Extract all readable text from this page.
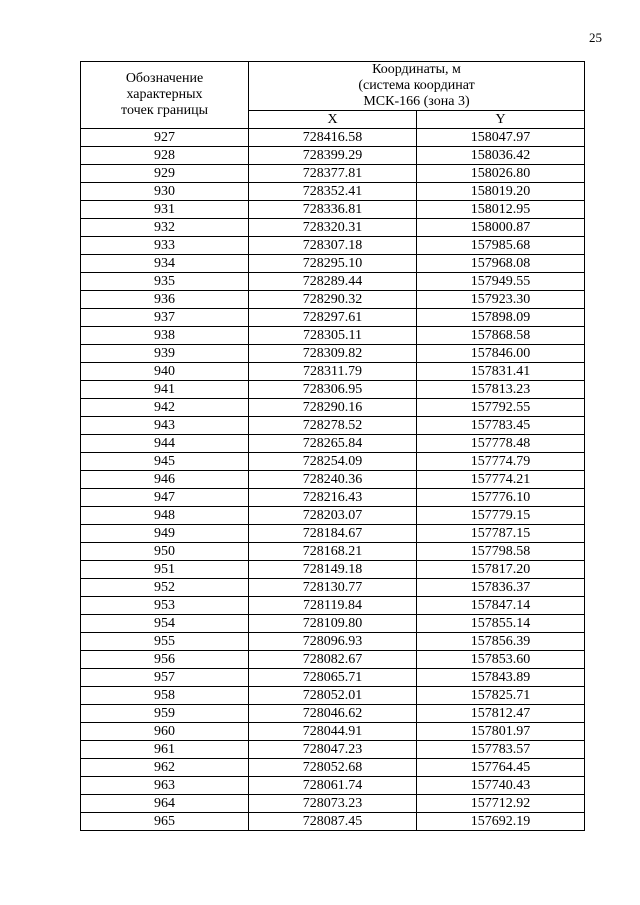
25
Обозначение
характерных
точек границы	Координаты, м
(система координат
МСК-166 (зона 3)	

	X	Y
927	728416.58	158047.97
928	728399.29	158036.42
929	728377.81	158026.80
930	728352.41	158019.20
931	728336.81	158012.95
932	728320.31	158000.87
933	728307.18	157985.68
934	728295.10	157968.08
935	728289.44	157949.55
936	728290.32	157923.30
937	728297.61	157898.09
938	728305.11	157868.58
939	728309.82	157846.00
940	728311.79	157831.41
941	728306.95	157813.23
942	728290.16	157792.55
943	728278.52	157783.45
944	728265.84	157778.48
945	728254.09	157774.79
946	728240.36	157774.21
947	728216.43	157776.10
948	728203.07	157779.15
949	728184.67	157787.15
950	728168.21	157798.58
951	728149.18	157817.20
952	728130.77	157836.37
953	728119.84	157847.14
954	728109.80	157855.14
955	728096.93	157856.39
956	728082.67	157853.60
957	728065.71	157843.89
958	728052.01	157825.71
959	728046.62	157812.47
960	728044.91	157801.97
961	728047.23	157783.57
962	728052.68	157764.45
963	728061.74	157740.43
964	728073.23	157712.92
965	728087.45	157692.19
